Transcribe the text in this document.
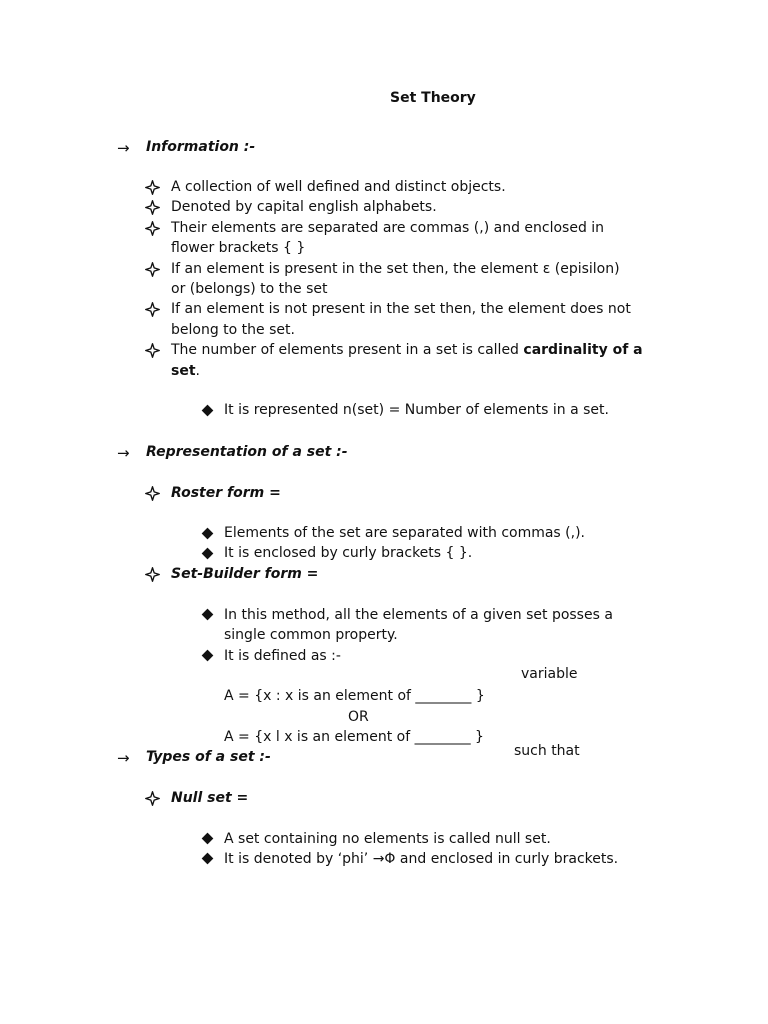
Set Theory
→ Information :-
A collection of well defined and distinct objects.
Denoted by capital english alphabets.
Their elements are separated are commas (,) and enclosed in
flower brackets { }
If an element is present in the set then, the element ε (episilon)
or (belongs) to the set
If an element is not present in the set then, the element does not
belong to the set.
The number of elements present in a set is called cardinality of a
set.
It is represented n(set) = Number of elements in a set.
→ Representation of a set :-
Roster form =
Elements of the set are separated with commas (,).
It is enclosed by curly brackets { }.
Set-Builder form =
In this method, all the elements of a given set posses a
single common property.
It is defined as :-
variable
A = {x : x is an element of ________ }
OR
A = {x l x is an element of ________ }
such that
→ Types of a set :-
Null set =
A set containing no elements is called null set.
It is denoted by ‘phi’ →Φ and enclosed in curly brackets.
